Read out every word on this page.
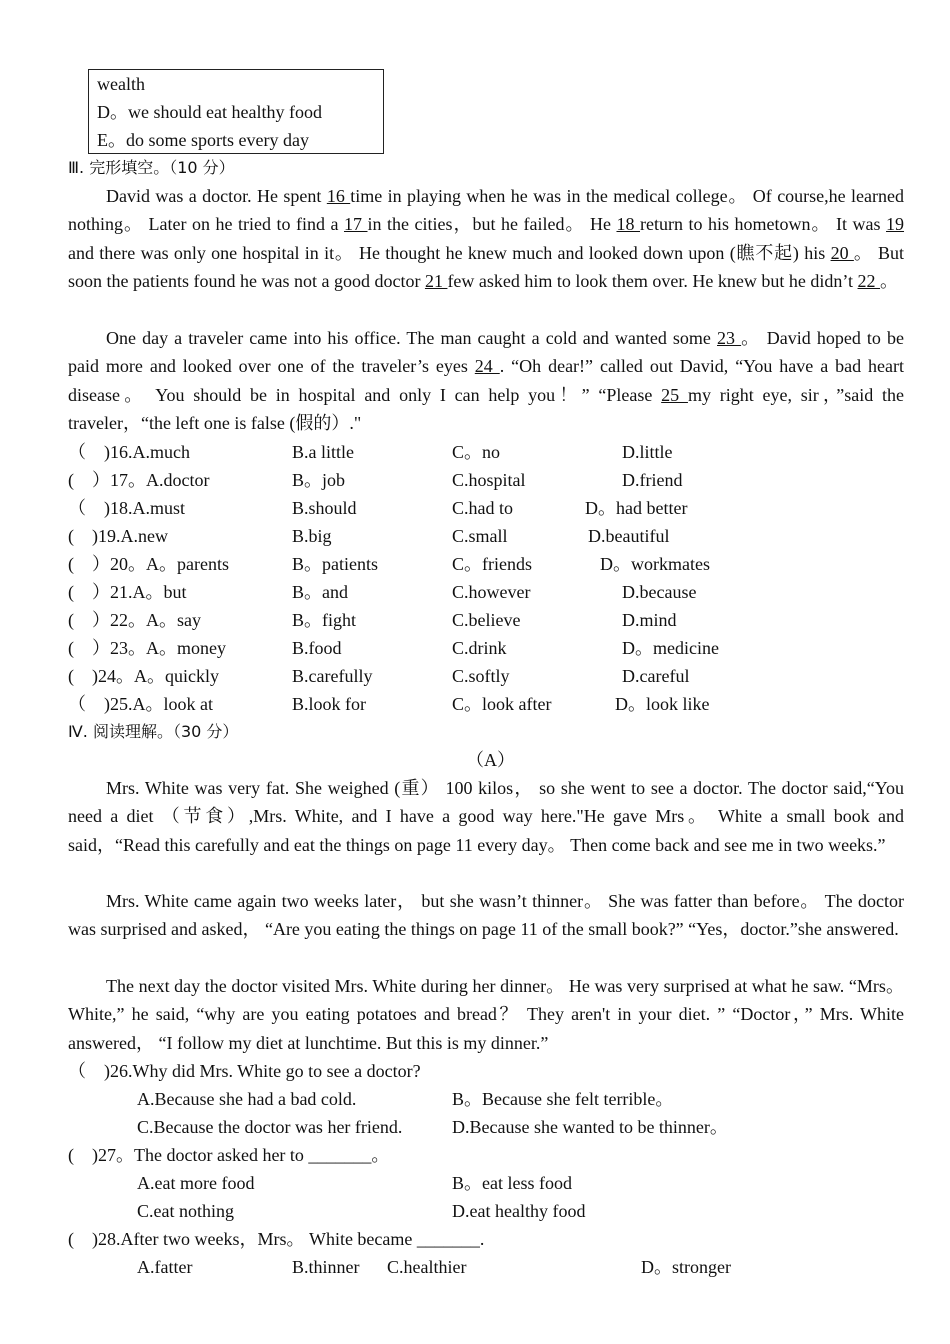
wealth
D。we should eat healthy food
E。do some sports every day
Ⅲ. 完形填空。（10 分）
David was a doctor. He spent 16 time in playing when he was in the medical college。 Of course,he learned nothing。 Later on he tried to find a 17 in the cities，but he failed。 He 18 return to his hometown。 It was 19 and there was only one hospital in it。 He thought he knew much and looked down upon (瞧不起) his 20 。 But soon the patients found he was not a good doctor 21 few asked him to look them over. He knew but he didn’t 22 。
One day a traveler came into his office. The man caught a cold and wanted some 23 。 David hoped to be paid more and looked over one of the traveler’s eyes 24 . “Oh dear!” called out David, “You have a bad heart disease。 You should be in hospital and only I can help you！” “Please 25 my right eye, sir，”said the traveler，“the left one is false (假的）."
（　)16.A.much	B.a little	C。no	D.little
(　）17。A.doctor	B。job	C.hospital	D.friend
（　)18.A.must	B.should	C.had to	D。had better
(　)19.A.new	B.big	C.small	D.beautiful
(　）20。A。parents	B。patients	C。friends	D。workmates
(　）21.A。but	B。and	C.however	D.because
(　）22。A。say	B。fight	C.believe	D.mind
(　）23。A。money	B.food	C.drink	D。medicine
(　)24。A。quickly	B.carefully	C.softly	D.careful
（　)25.A。look at	B.look for	C。look after	D。look like
Ⅳ. 阅读理解。（30 分）
（A）
Mrs. White was very fat. She weighed (重） 100 kilos， so she went to see a doctor. The doctor said,“You need a diet （节食）,Mrs. White, and I have a good way here."He gave Mrs。 White a small book and said，“Read this carefully and eat the things on page 11 every day。 Then come back and see me in two weeks.”
Mrs. White came again two weeks later， but she wasn’t thinner。 She was fatter than before。 The doctor was surprised and asked， “Are you eating the things on page 11 of the small book?” “Yes，doctor.”she answered.
The next day the doctor visited Mrs. White during her dinner。 He was very surprised at what he saw. “Mrs。 White,” he said, “why are you eating potatoes and bread？ They aren't in your diet. ” “Doctor，” Mrs. White answered， “I follow my diet at lunchtime. But this is my dinner.”
（　)26.Why did Mrs. White go to see a doctor?
A.Because she had a bad cold.	B。Because she felt terrible。
C.Because the doctor was her friend.	D.Because she wanted to be thinner。
(　)27。The doctor asked her to _______。
A.eat more food	B。eat less food
C.eat nothing	D.eat healthy food
(　)28.After two weeks，Mrs。 White became _______.
A.fatter	B.thinner C.healthier	D。stronger
